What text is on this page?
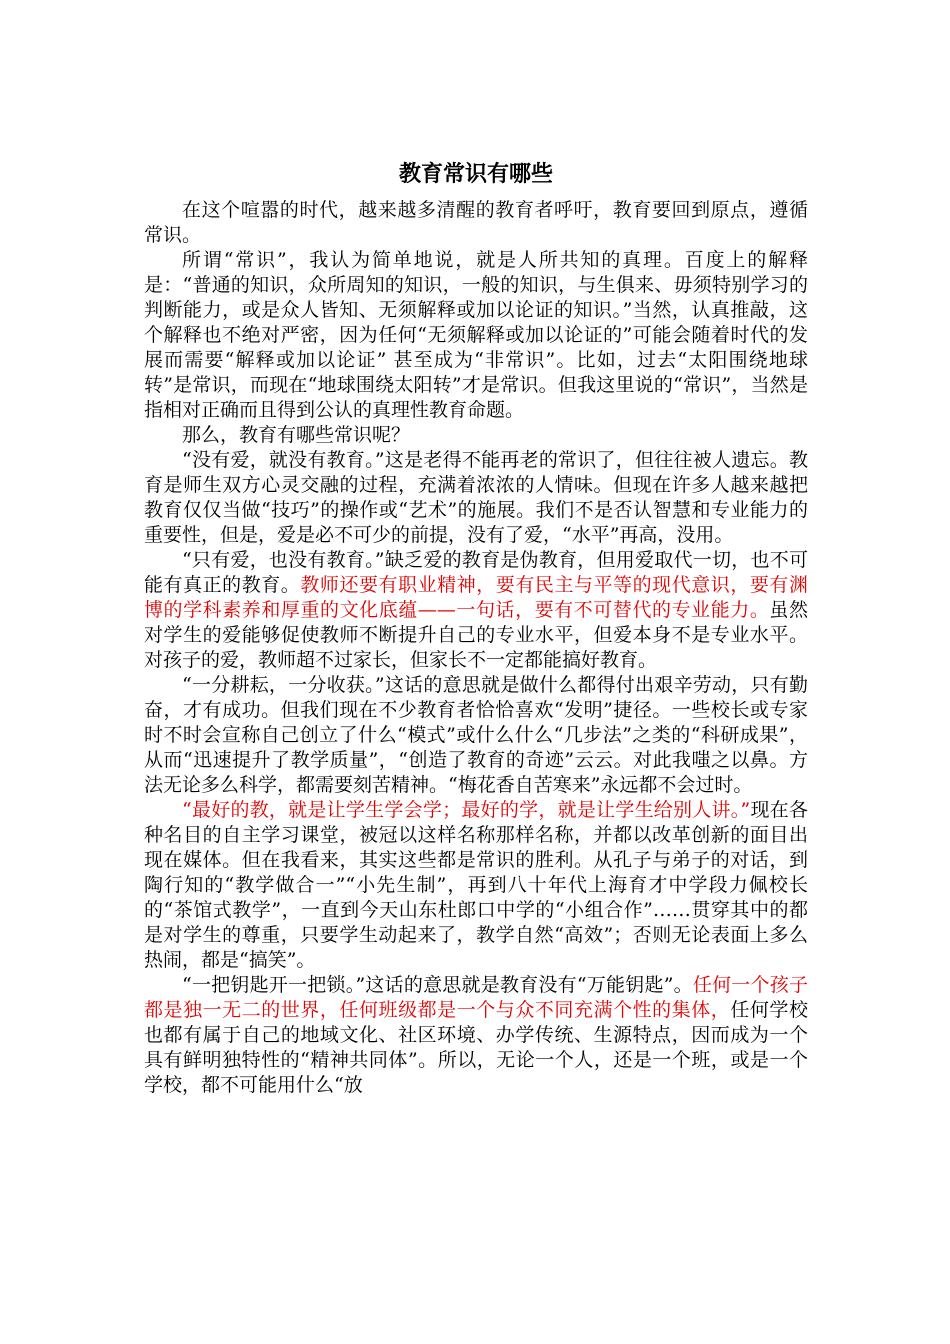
教育常识有哪些

在这个喧嚣的时代，越来越多清醒的教育者呼吁，教育要回到原点，遵循常识。

所谓“常识”，我认为简单地说，就是人所共知的真理。百度上的解释是：“普通的知识，众所周知的知识，一般的知识，与生俱来、毋须特别学习的判断能力，或是众人皆知、无须解释或加以论证的知识。”当然，认真推敲，这个解释也不绝对严密，因为任何“无须解释或加以论证的”可能会随着时代的发展而需要“解释或加以论证” 甚至成为“非常识”。比如，过去“太阳围绕地球转”是常识，而现在“地球围绕太阳转”才是常识。但我这里说的“常识”，当然是指相对正确而且得到公认的真理性教育命题。

那么，教育有哪些常识呢？

“没有爱，就没有教育。”这是老得不能再老的常识了，但往往被人遗忘。教育是师生双方心灵交融的过程，充满着浓浓的人情味。但现在许多人越来越把教育仅仅当做“技巧”的操作或“艺术”的施展。我们不是否认智慧和专业能力的重要性，但是，爱是必不可少的前提，没有了爱，“水平”再高，没用。

“只有爱，也没有教育。”缺乏爱的教育是伪教育，但用爱取代一切，也不可能有真正的教育。教师还要有职业精神，要有民主与平等的现代意识，要有渊博的学科素养和厚重的文化底蕴——一句话，要有不可替代的专业能力。虽然对学生的爱能够促使教师不断提升自己的专业水平，但爱本身不是专业水平。对孩子的爱，教师超不过家长，但家长不一定都能搞好教育。

“一分耕耘，一分收获。”这话的意思就是做什么都得付出艰辛劳动，只有勤奋，才有成功。但我们现在不少教育者恰恰喜欢“发明”捷径。一些校长或专家时不时会宣称自己创立了什么“模式”或什么什么“几步法”之类的“科研成果”，从而“迅速提升了教学质量”，“创造了教育的奇迹”云云。对此我嗤之以鼻。方法无论多么科学，都需要刻苦精神。“梅花香自苦寒来”永远都不会过时。

“最好的教，就是让学生学会学；最好的学，就是让学生给别人讲。”现在各种名目的自主学习课堂，被冠以这样名称那样名称，并都以改革创新的面目出现在媒体。但在我看来，其实这些都是常识的胜利。从孔子与弟子的对话，到陶行知的“教学做合一”“小先生制”，再到八十年代上海育才中学段力佩校长的“茶馆式教学”，一直到今天山东杜郎口中学的“小组合作”……贯穿其中的都是对学生的尊重，只要学生动起来了，教学自然“高效”；否则无论表面上多么热闹，都是“搞笑”。

“一把钥匙开一把锁。”这话的意思就是教育没有“万能钥匙”。任何一个孩子都是独一无二的世界，任何班级都是一个与众不同充满个性的集体，任何学校也都有属于自己的地域文化、社区环境、办学传统、生源特点，因而成为一个具有鲜明独特性的“精神共同体”。所以，无论一个人，还是一个班，或是一个学校，都不可能用什么“放
